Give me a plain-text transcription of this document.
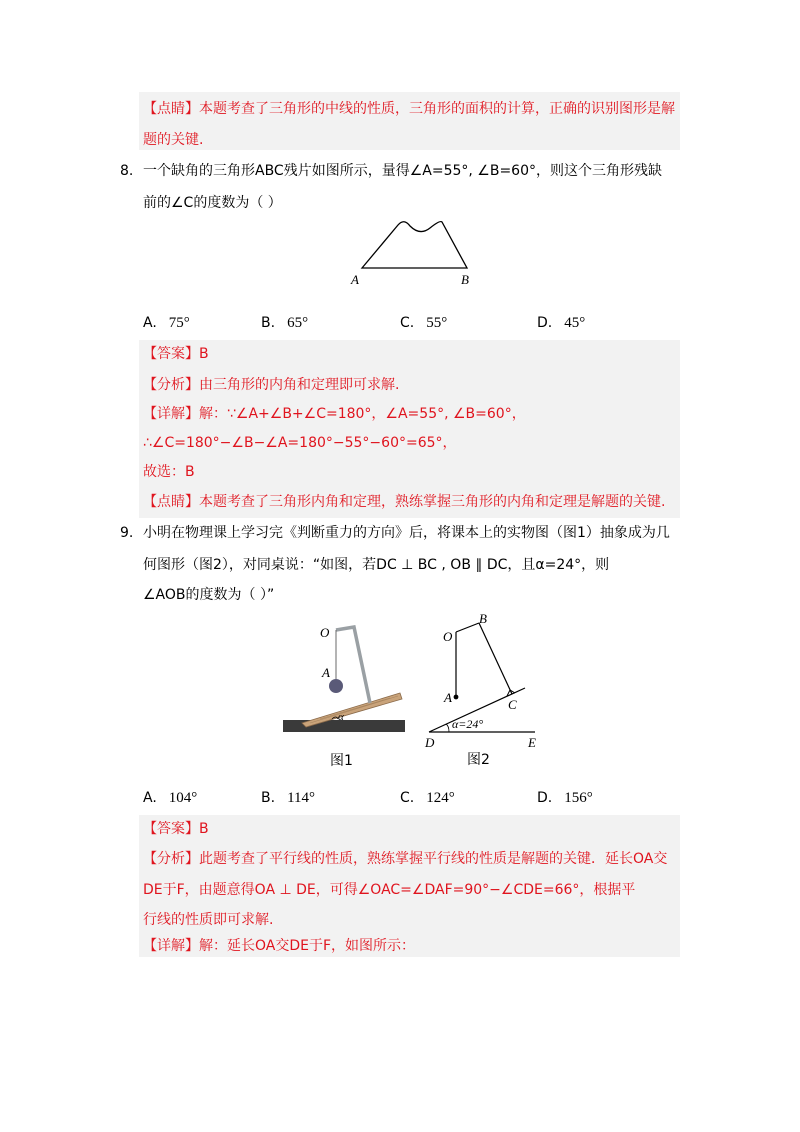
【点睛】本题考查了三角形的中线的性质，三角形的面积的计算，正确的识别图形是解
题的关键.
8. 一个缺角的三角形ABC残片如图所示，量得∠A=55°, ∠B=60°，则这个三角形残缺
前的∠C的度数为（ ）
A	B
A. 75°	B. 65°	C. 55°	D. 45°
【答案】B
【分析】由三角形的内角和定理即可求解.
【详解】解：∵∠A+∠B+∠C=180°，∠A=55°, ∠B=60°，
∴∠C=180°−∠B−∠A=180°−55°−60°=65°，
故选：B
【点睛】本题考查了三角形内角和定理，熟练掌握三角形的内角和定理是解题的关键.
9. 小明在物理课上学习完《判断重力的方向》后，将课本上的实物图（图1）抽象成为几
何图形（图2），对同桌说：“如图，若DC ⊥ BC , OB ∥ DC，且α=24°，则
∠AOB的度数为（ ）”
O
A
α
图1
O
B
A	C
α=24°
D	E
图2
A. 104°	B. 114°	C. 124°	D. 156°
【答案】B
【分析】此题考查了平行线的性质，熟练掌握平行线的性质是解题的关键．延长OA交
DE于F，由题意得OA ⊥ DE，可得∠OAC=∠DAF=90°−∠CDE=66°，根据平
行线的性质即可求解.
【详解】解：延长OA交DE于F，如图所示：
